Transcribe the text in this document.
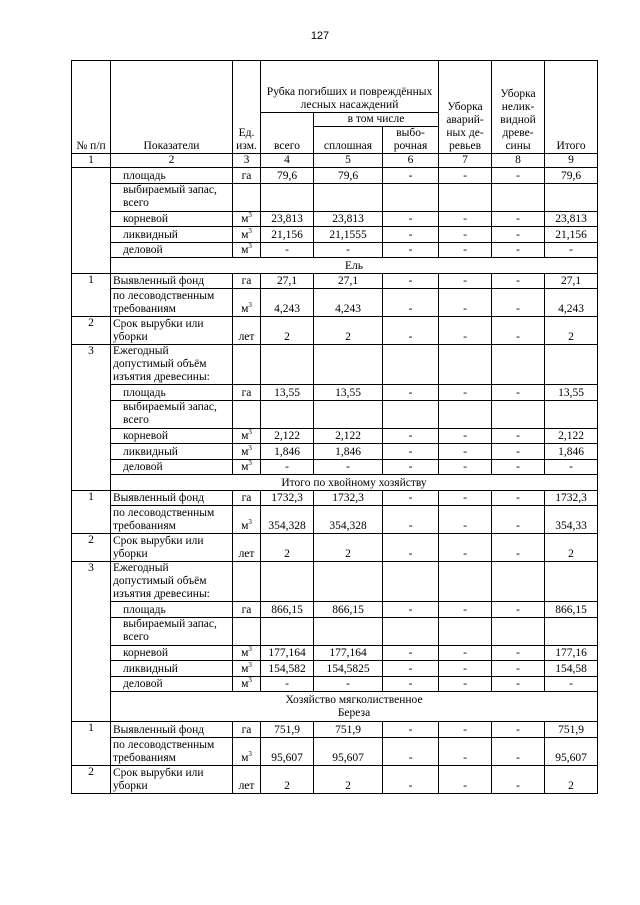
127
№ п/п	Показатели	Ед. изм.	Рубка погибших и повреждённых лесных насаждений			Уборка аварий-ных де-ревьев	Уборка нелик-видной древе-сины	Итого
			всего	в том числе				
				сплошная	выбо-рочная			
1	2	3	4	5	6	7	8	9
	площадь	га	79,6	79,6	-	-	-	79,6
	выбираемый запас, всего							
	корневой	$м^3$	23,813	23,813	-	-	-	23,813
	ликвидный	$м^3$	21,156	21,1555	-	-	-	21,156
	деловой	$м^3$	-	-	-	-	-	-
	Ель							
1	Выявленный фонд	га	27,1	27,1	-	-	-	27,1
	по лесоводственным требованиям	$м^3$	4,243	4,243	-	-	-	4,243
2	Срок вырубки или уборки	лет	2	2	-	-	-	2
3	Ежегодный допустимый объём изъятия древесины:							
	площадь	га	13,55	13,55	-	-	-	13,55
	выбираемый запас, всего							
	корневой	$м^3$	2,122	2,122	-	-	-	2,122
	ликвидный	$м^3$	1,846	1,846	-	-	-	1,846
	деловой	$м^3$	-	-	-	-	-	-
	Итого по хвойному хозяйству							
1	Выявленный фонд	га	1732,3	1732,3	-	-	-	1732,3
	по лесоводственным требованиям	$м^3$	354,328	354,328	-	-	-	354,33
2	Срок вырубки или уборки	лет	2	2	-	-	-	2
3	Ежегодный допустимый объём изъятия древесины:							
	площадь	га	866,15	866,15	-	-	-	866,15
	выбираемый запас, всего							
	корневой	$м^3$	177,164	177,164	-	-	-	177,16
	ликвидный	$м^3$	154,582	154,5825	-	-	-	154,58
	деловой	$м^3$	-	-	-	-	-	-

	Хозяйство мягколиственное
Береза							

1	Выявленный фонд	га	751,9	751,9	-	-	-	751,9
	по лесоводственным требованиям	$м^3$	95,607	95,607	-	-	-	95,607
2	Срок вырубки или уборки	лет	2	2	-	-	-	2
